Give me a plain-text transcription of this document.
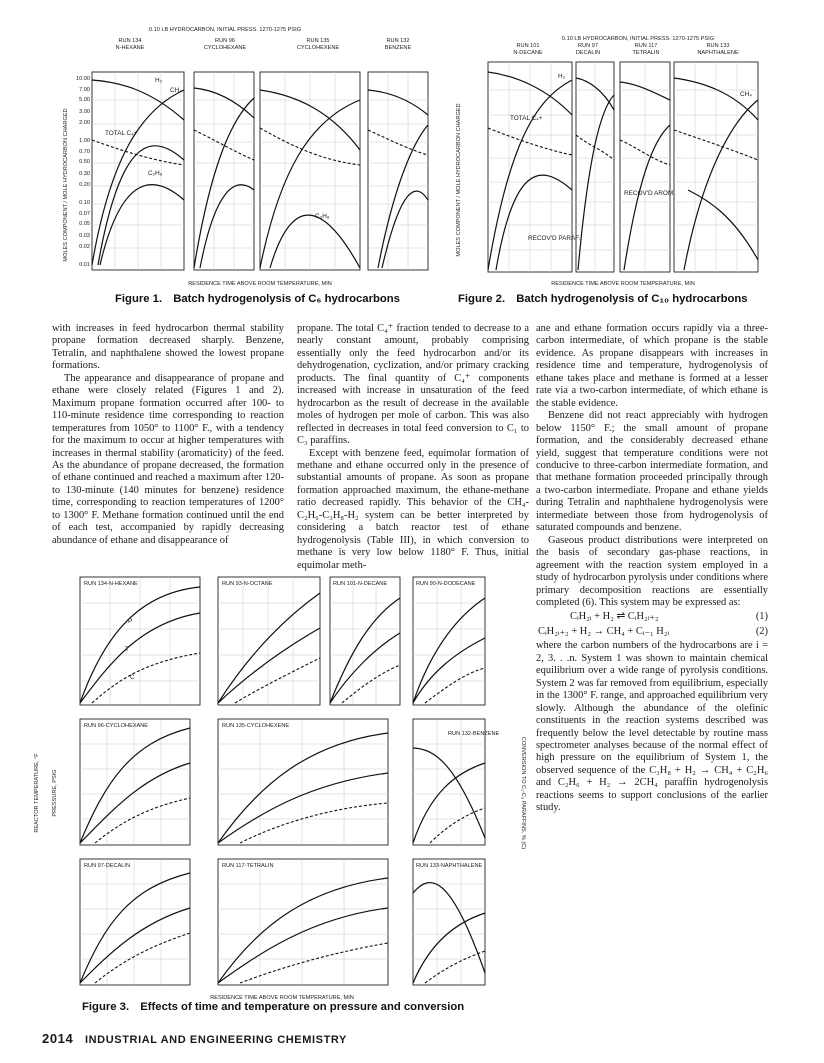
0.10 LB HYDROCARBON, INITIAL PRESS. 1270-1275 PSIG
RUN 134
N-HEXANE
RUN 96
CYCLOHEXANE
RUN 135
CYCLOHEXENE
RUN 132
BENZENE
MOLES COMPONENT / MOLE HYDROCARBON CHARGED
10.00
7.00
5.00
3.00
2.00
1.00
0.70
0.50
0.30
0.20
0.10
0.07
0.05
0.03
0.02
0.01
TOTAL C₄+
CH₄
H₂
C₂H₆
C₃H₈
RESIDENCE TIME ABOVE ROOM TEMPERATURE, MIN
Figure 1. Batch hydrogenolysis of C₆ hydrocarbons
0.10 LB HYDROCARBON, INITIAL PRESS. 1270-1275 PSIG
RUN 101
N-DECANE
RUN 97
DECALIN
RUN 117
TETRALIN
RUN 133
NAPHTHALENE
MOLES COMPONENT / MOLE HYDROCARBON CHARGED	TOTAL C₄+
RECOV'D PARAF.
RECOV'D AROM.
H₂
CH₄
RESIDENCE TIME ABOVE ROOM TEMPERATURE, MIN
Figure 2. Batch hydrogenolysis of C₁₀ hydrocarbons

with increases in feed hydrocarbon thermal stability propane formation decreased sharply. Benzene, Tetralin, and naphthalene showed the lowest propane formations.

The appearance and disappearance of propane and ethane were closely related (Figures 1 and 2). Maximum propane formation occurred after 100- to 110-minute residence time corresponding to reaction temperatures from 1050° to 1100° F., with a tendency for the maximum to occur at higher temperatures with increases in thermal stability (aromaticity) of the feed. As the abundance of propane decreased, the formation of ethane continued and reached a maximum after 120- to 130-minute (140 minutes for benzene) residence time, corresponding to reaction temperatures of 1200° to 1300° F. Methane formation continued until the end of each test, accompanied by rapidly decreasing abundance of ethane and disappearance of

propane. The total C₄⁺ fraction tended to decrease to a nearly constant amount, probably comprising essentially only the feed hydrocarbon and/or its dehydrogenation, cyclization, and/or primary cracking products. The final quantity of C₄⁺ components increased with increase in unsaturation of the feed hydrocarbon as the result of decrease in the available moles of hydrogen per mole of carbon. This was also reflected in decreases in total feed conversion to C₁ to C₃ paraffins.

Except with benzene feed, equimolar formation of methane and ethane occurred only in the presence of substantial amounts of propane. As soon as propane formation approached maximum, the ethane-methane ratio decreased rapidly. This behavior of the CH₄-C₂H₆-C₃H₈-H₂ system can be better interpreted by considering a batch reactor test of ethane hydrogenolysis (Table III), in which conversion to methane is very low below 1180° F. Thus, initial equimolar meth-

ane and ethane formation occurs rapidly via a three-carbon intermediate, of which propane is the stable evidence. As propane disappears with increases in residence time and temperature, hydrogenolysis of ethane takes place and methane is formed at a lesser rate via a two-carbon intermediate, of which ethane is the stable evidence.

Benzene did not react appreciably with hydrogen below 1150° F.; the small amount of propane formation, and the considerably decreased ethane yield, suggest that temperature conditions were not conducive to three-carbon intermediate formation, and that methane formation proceeded principally through a two-carbon intermediate. Propane and ethane yields during Tetralin and naphthalene hydrogenolysis were intermediate between those from hydrogenolysis of saturated compounds and benzene.

Gaseous product distributions were interpreted on the basis of secondary gas-phase reactions, in agreement with the reaction system employed in a study of hydrocarbon pyrolysis under conditions where primary decomposition reactions are essentially completed (6). This system may be expressed as:

CᵢH₂ᵢ + H₂ ⇌ CᵢH₂ᵢ₊₂	(1)
CᵢH₂ᵢ₊₂ + H₂ → CH₄ + Cᵢ₋₁ H₂ᵢ	(2)

where the carbon numbers of the hydrocarbons are i = 2, 3. . .n. System 1 was shown to maintain chemical equilibrium over a wide range of pyrolysis conditions. System 2 was far removed from equilibrium, especially in the 1300° F. range, and approached equilibrium very slowly. Although the abundance of the olefinic constituents in the reaction systems described was frequently below the level detectable by routine mass spectrometer analyses because of the normal effect of high pressure on the equilibrium of System 1, the observed sequence of the C₃H₈ + H₂ → CH₄ + C₂H₆ and C₂H₆ + H₂ → 2CH₄ paraffin hydrogenolysis reactions seems to support conclusions of the earlier study.

REACTOR TEMPERATURE, °F PRESSURE, PSIG	CONVERSION TO C₁-C₃ PARAFFINS, % (C)
RUN 134-N-HEXANE
P
T
C
RUN 93-N-OCTANE	RUN 101-N-DECANE	RUN 90-N-DODECANE
RUN 96-CYCLOHEXANE	RUN 135-CYCLOHEXENE
RUN 132-BENZENE
RUN 97-DECALIN	RUN 117-TETRALIN	RUN 133-NAPHTHALENE
RESIDENCE TIME ABOVE ROOM TEMPERATURE, MIN
Figure 3. Effects of time and temperature on pressure and conversion
2014 INDUSTRIAL AND ENGINEERING CHEMISTRY
